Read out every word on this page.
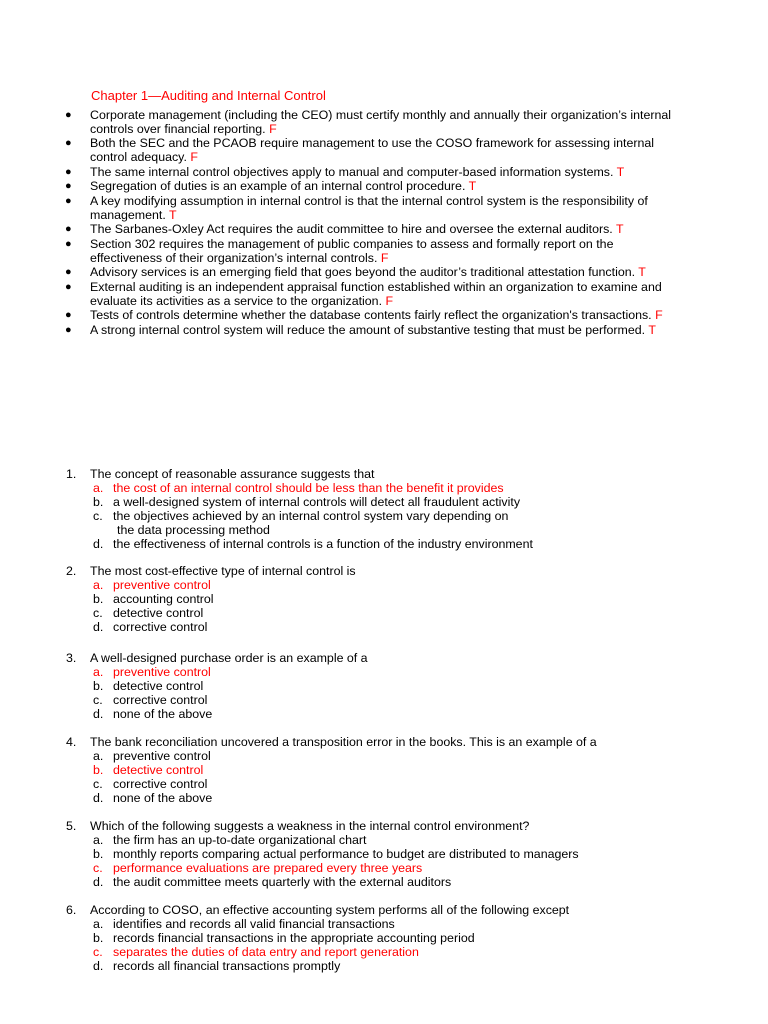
Chapter 1—Auditing and Internal Control
● Corporate management (including the CEO) must certify monthly and annually their organization’s internal controls over financial reporting. F
● Both the SEC and the PCAOB require management to use the COSO framework for assessing internal control adequacy. F
● The same internal control objectives apply to manual and computer-based information systems. T
● Segregation of duties is an example of an internal control procedure. T
● A key modifying assumption in internal control is that the internal control system is the responsibility of management. T
● The Sarbanes-Oxley Act requires the audit committee to hire and oversee the external auditors. T
● Section 302 requires the management of public companies to assess and formally report on the effectiveness of their organization’s internal controls. F
● Advisory services is an emerging field that goes beyond the auditor’s traditional attestation function. T
● External auditing is an independent appraisal function established within an organization to examine and evaluate its activities as a service to the organization. F
● Tests of controls determine whether the database contents fairly reflect the organization's transactions. F
● A strong internal control system will reduce the amount of substantive testing that must be performed. T
1. The concept of reasonable assurance suggests that
a. the cost of an internal control should be less than the benefit it provides
b. a well-designed system of internal controls will detect all fraudulent activity
c. the objectives achieved by an internal control system vary depending on
the data processing method
d. the effectiveness of internal controls is a function of the industry environment
2. The most cost-effective type of internal control is
a. preventive control
b. accounting control
c. detective control
d. corrective control
3. A well-designed purchase order is an example of a
a. preventive control
b. detective control
c. corrective control
d. none of the above
4. The bank reconciliation uncovered a transposition error in the books. This is an example of a
a. preventive control
b. detective control
c. corrective control
d. none of the above
5. Which of the following suggests a weakness in the internal control environment?
a. the firm has an up-to-date organizational chart
b. monthly reports comparing actual performance to budget are distributed to managers
c. performance evaluations are prepared every three years
d. the audit committee meets quarterly with the external auditors
6. According to COSO, an effective accounting system performs all of the following except
a. identifies and records all valid financial transactions
b. records financial transactions in the appropriate accounting period
c. separates the duties of data entry and report generation
d. records all financial transactions promptly
